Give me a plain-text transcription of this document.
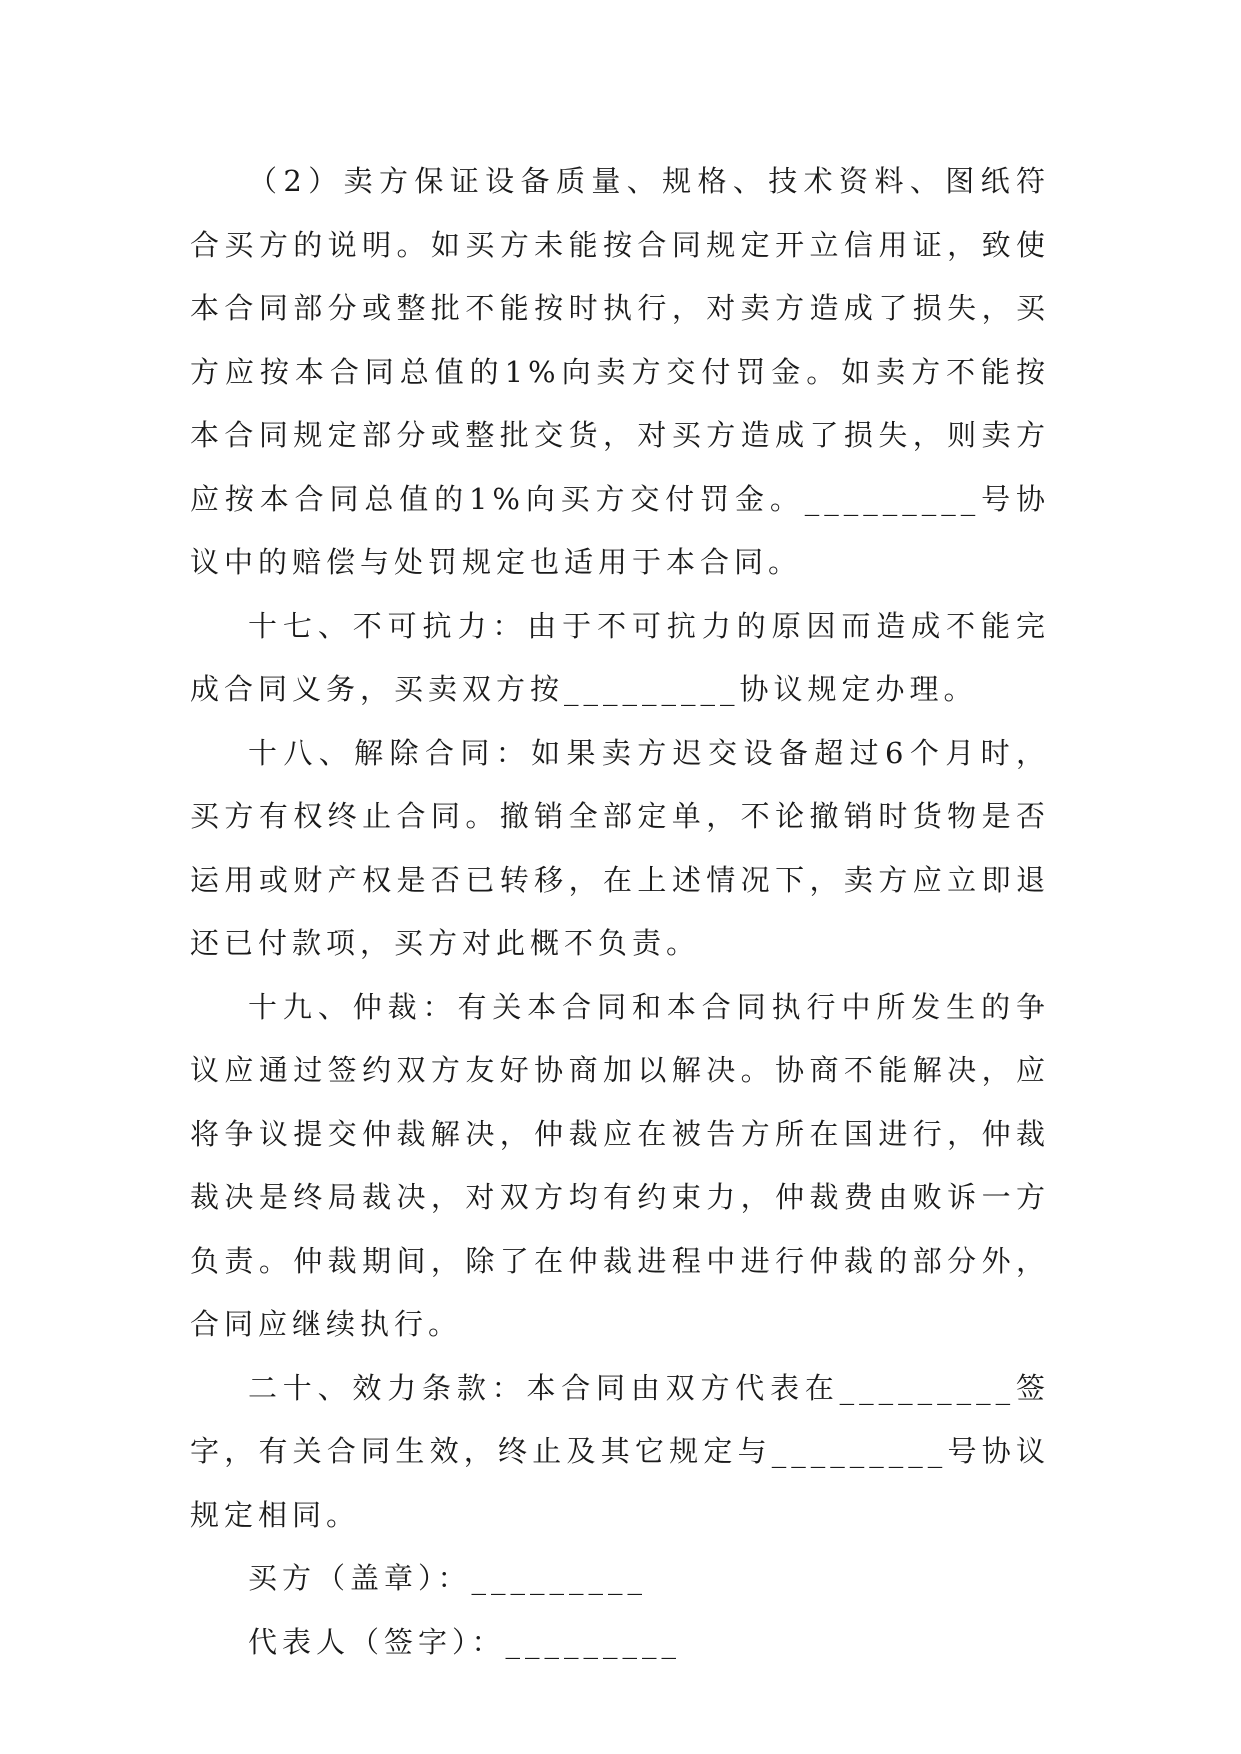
（2）卖方保证设备质量、规格、技术资料、图纸符合买方的说明。如买方未能按合同规定开立信用证，致使本合同部分或整批不能按时执行，对卖方造成了损失，买方应按本合同总值的1%向卖方交付罚金。如卖方不能按本合同规定部分或整批交货，对买方造成了损失，则卖方应按本合同总值的1%向买方交付罚金。_________号协议中的赔偿与处罚规定也适用于本合同。

十七、不可抗力：由于不可抗力的原因而造成不能完成合同义务，买卖双方按_________协议规定办理。

十八、解除合同：如果卖方迟交设备超过6个月时，买方有权终止合同。撤销全部定单，不论撤销时货物是否运用或财产权是否已转移，在上述情况下，卖方应立即退还已付款项，买方对此概不负责。

十九、仲裁：有关本合同和本合同执行中所发生的争议应通过签约双方友好协商加以解决。协商不能解决，应将争议提交仲裁解决，仲裁应在被告方所在国进行，仲裁裁决是终局裁决，对双方均有约束力，仲裁费由败诉一方负责。仲裁期间，除了在仲裁进程中进行仲裁的部分外，合同应继续执行。

二十、效力条款：本合同由双方代表在_________签字，有关合同生效，终止及其它规定与_________号协议规定相同。

买方（盖章）：_________
代表人（签字）：_________
